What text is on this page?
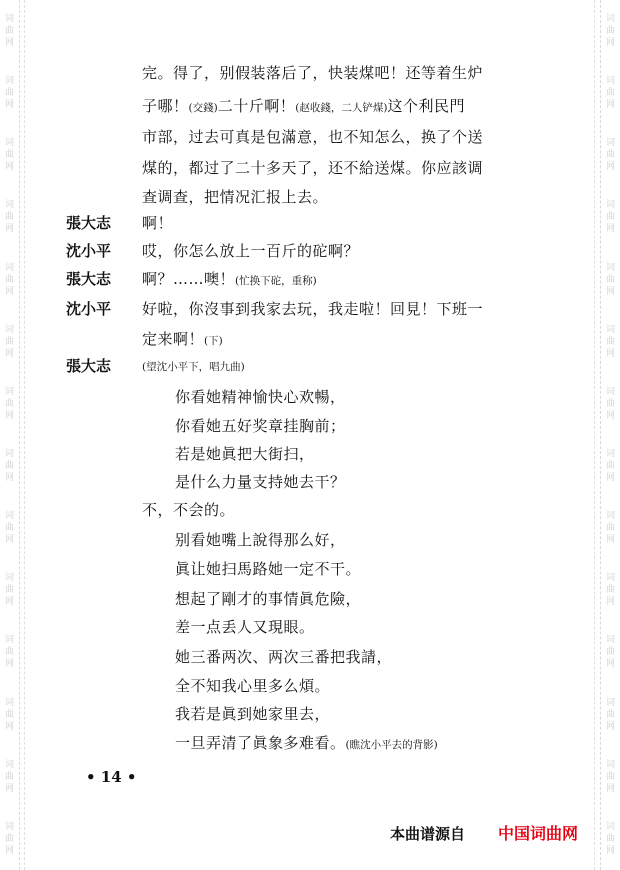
词曲网
词曲网
词曲网
词曲网
词曲网
词曲网
词曲网
词曲网
词曲网
词曲网
词曲网
词曲网
词曲网
词曲网
词曲网
词曲网
词曲网
词曲网
词曲网
词曲网
词曲网
词曲网
词曲网
词曲网
词曲网
词曲网
词曲网
词曲网
完。得了，别假装落后了，快装煤吧！还等着生炉
子哪！(交錢)二十斤啊！(赵收錢，二人铲煤)这个利民門
市部，过去可真是包滿意，也不知怎么，换了个送
煤的，都过了二十多天了，还不給送煤。你应該调
查调查，把情况汇报上去。
張大志 啊！
沈小平 哎，你怎么放上一百斤的砣啊？
張大志 啊？……噢！(忙换下砣，重称)
沈小平 好啦，你沒事到我家去玩，我走啦！回見！下班一
定来啊！(下)
張大志	(望沈小平下，唱九曲)
你看她精神愉快心欢暢，
你看她五好奖章挂胸前；
若是她眞把大街扫，
是什么力量支持她去干？
不，不会的。
别看她嘴上說得那么好，
眞让她扫馬路她一定不干。
想起了剛才的事情眞危險，
差一点丢人又現眼。
她三番两次、两次三番把我請，
全不知我心里多么煩。
我若是眞到她家里去，
一旦弄清了眞象多难看。(瞧沈小平去的背影)
• 14 •
本曲谱源自 中国词曲网
